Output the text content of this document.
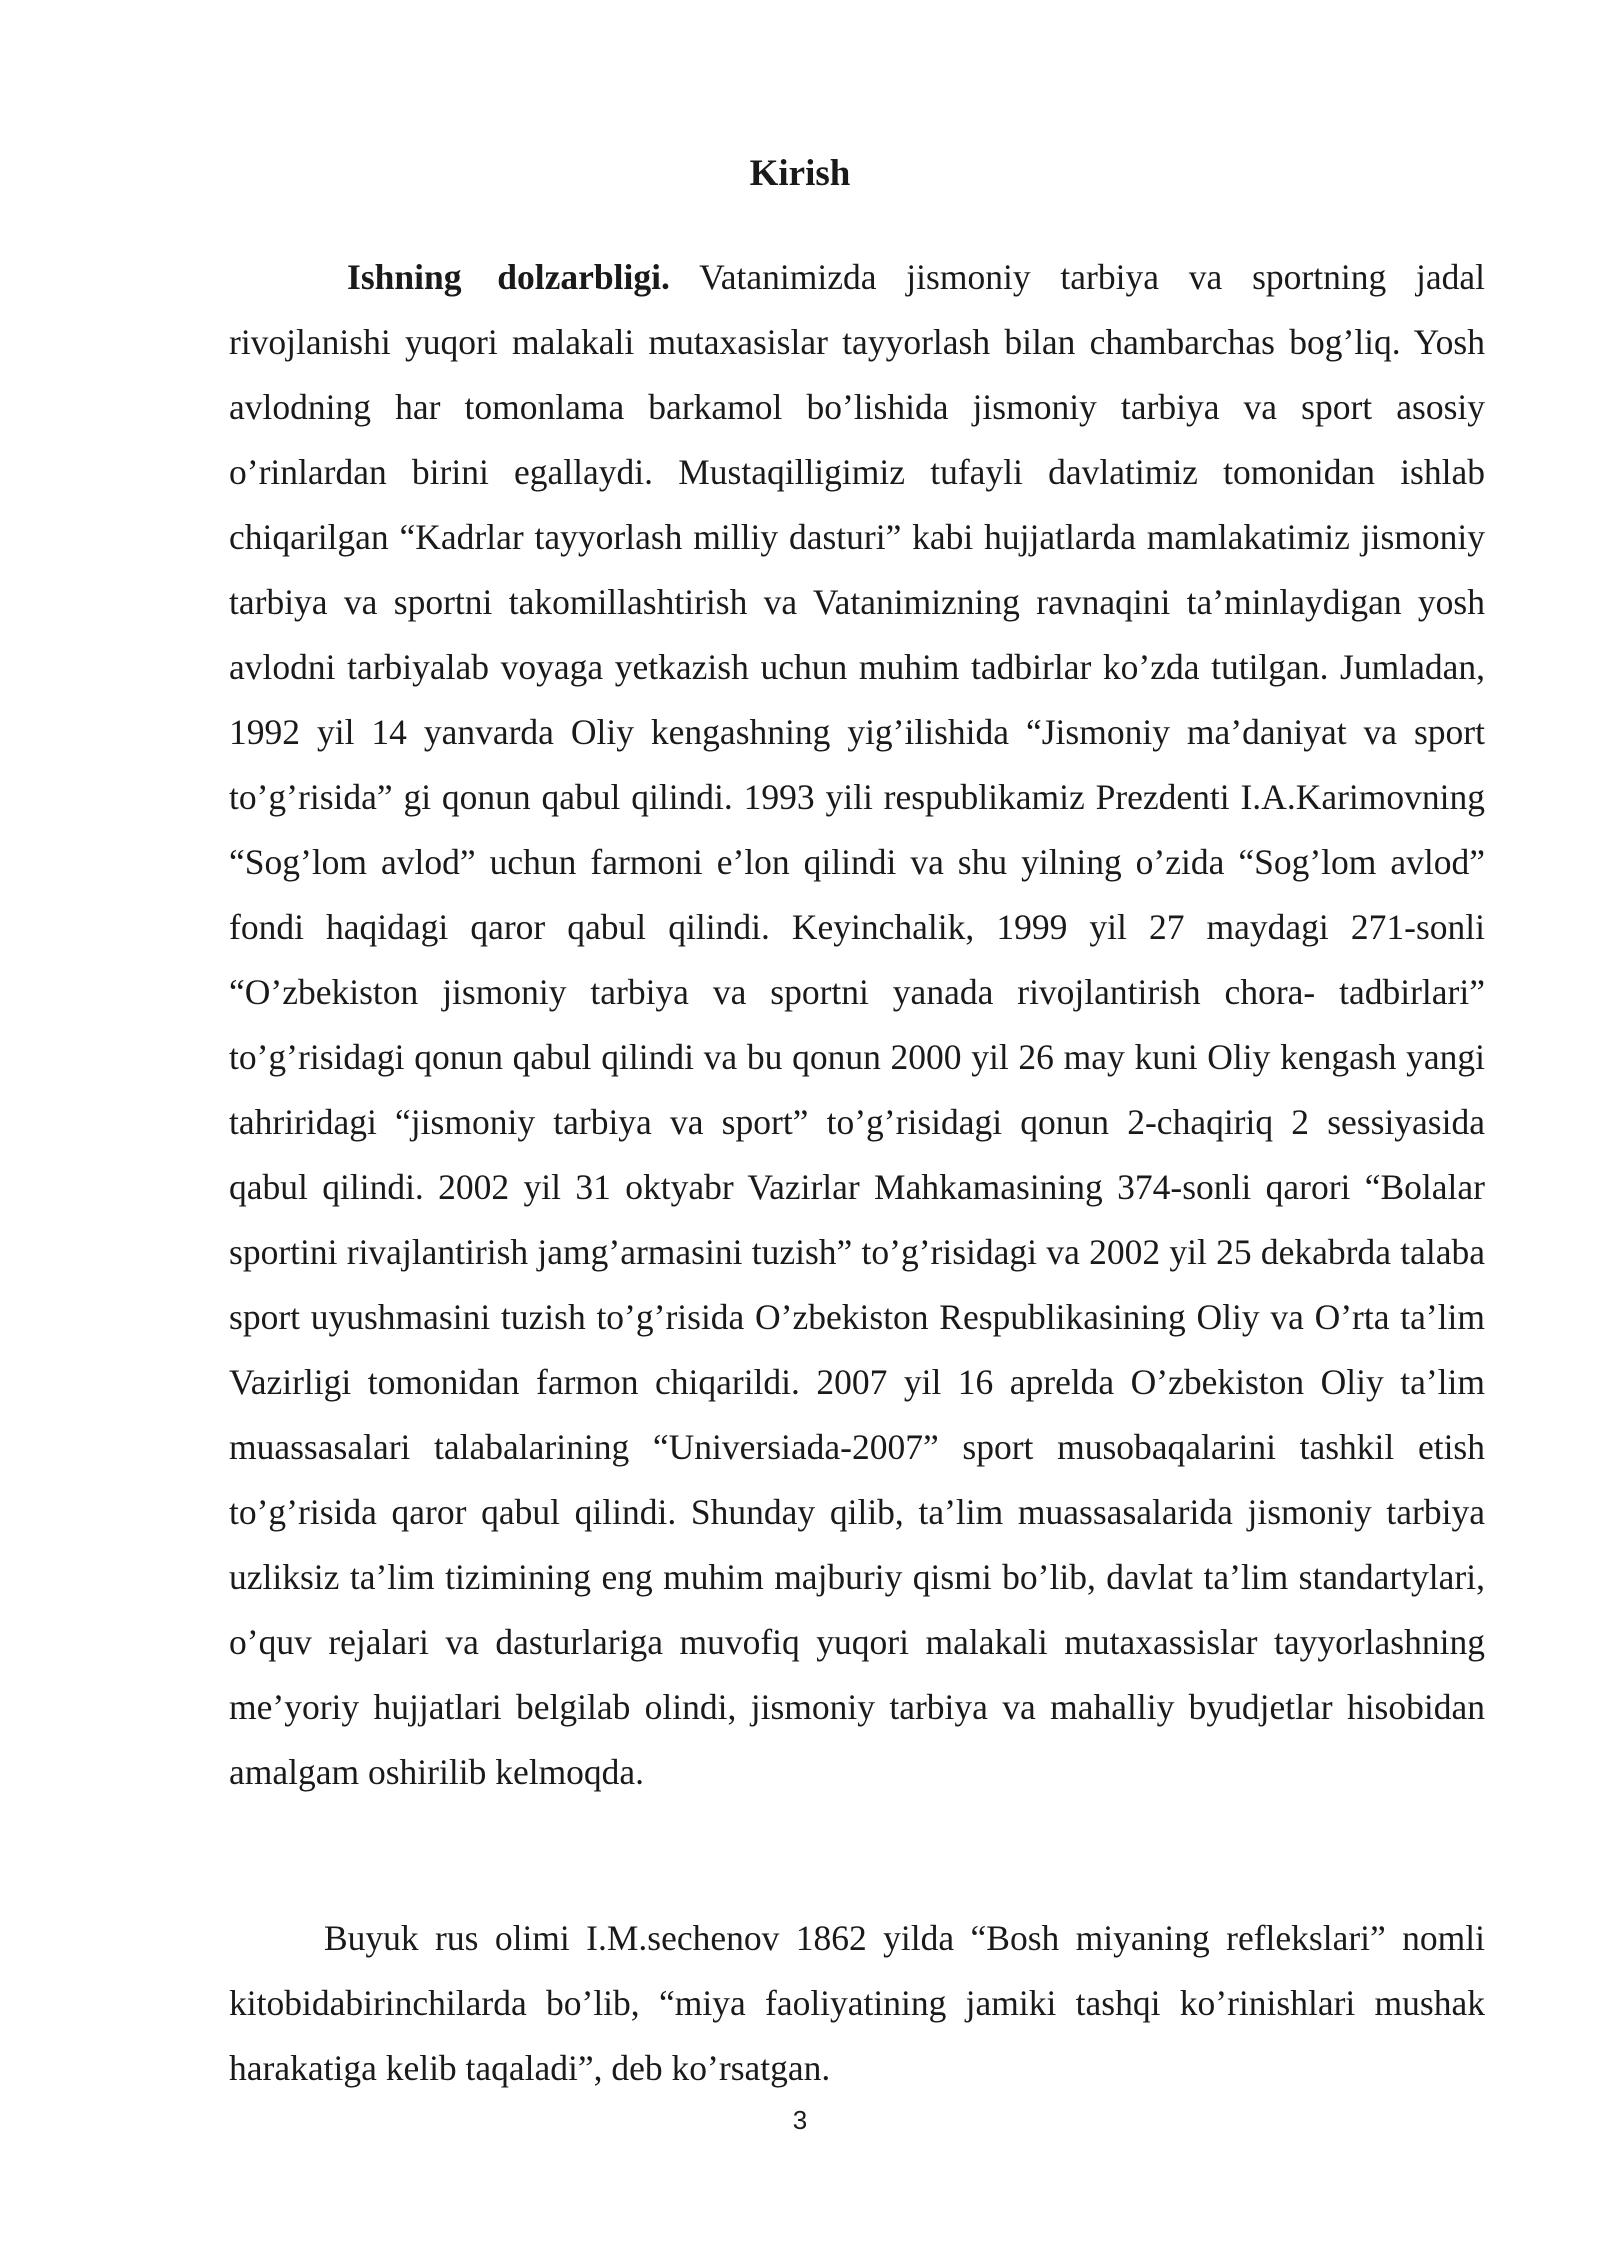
Kirish

Ishning dolzarbligi. Vatanimizda jismoniy tarbiya va sportning jadal rivojlanishi yuqori malakali mutaxasislar tayyorlash bilan chambarchas bog’liq. Yosh avlodning har tomonlama barkamol bo’lishida jismoniy tarbiya va sport asosiy o’rinlardan birini egallaydi. Mustaqilligimiz tufayli davlatimiz tomonidan ishlab chiqarilgan “Kadrlar tayyorlash milliy dasturi” kabi hujjatlarda mamlakatimiz jismoniy tarbiya va sportni takomillashtirish va Vatanimizning ravnaqini ta’minlaydigan yosh avlodni tarbiyalab voyaga yetkazish uchun muhim tadbirlar ko’zda tutilgan. Jumladan, 1992 yil 14 yanvarda Oliy kengashning yig’ilishida “Jismoniy ma’daniyat va sport to’g’risida” gi qonun qabul qilindi. 1993 yili respublikamiz Prezdenti I.A.Karimovning “Sog’lom avlod” uchun farmoni e’lon qilindi va shu yilning o’zida “Sog’lom avlod” fondi haqidagi qaror qabul qilindi. Keyinchalik, 1999 yil 27 maydagi 271-sonli “O’zbekiston jismoniy tarbiya va sportni yanada rivojlantirish chora- tadbirlari” to’g’risidagi qonun qabul qilindi va bu qonun 2000 yil 26 may kuni Oliy kengash yangi tahriridagi “jismoniy tarbiya va sport” to’g’risidagi qonun 2-chaqiriq 2 sessiyasida qabul qilindi. 2002 yil 31 oktyabr Vazirlar Mahkamasining 374-sonli qarori “Bolalar sportini rivajlantirish jamg’armasini tuzish” to’g’risidagi va 2002 yil 25 dekabrda talaba sport uyushmasini tuzish to’g’risida O’zbekiston Respublikasining Oliy va O’rta ta’lim Vazirligi tomonidan farmon chiqarildi. 2007 yil 16 aprelda O’zbekiston Oliy ta’lim muassasalari talabalarining “Universiada-2007” sport musobaqalarini tashkil etish to’g’risida qaror qabul qilindi. Shunday qilib, ta’lim muassasalarida jismoniy tarbiya uzliksiz ta’lim tizimining eng muhim majburiy qismi bo’lib, davlat ta’lim standartylari, o’quv rejalari va dasturlariga muvofiq yuqori malakali mutaxassislar tayyorlashning me’yoriy hujjatlari belgilab olindi, jismoniy tarbiya va mahalliy byudjetlar hisobidan amalgam oshirilib kelmoqda.

Buyuk rus olimi I.M.sechenov 1862 yilda “Bosh miyaning reflekslari” nomli kitobidabirinchilarda bo’lib, “miya faoliyatining jamiki tashqi ko’rinishlari mushak harakatiga kelib taqaladi”, deb ko’rsatgan.

3
